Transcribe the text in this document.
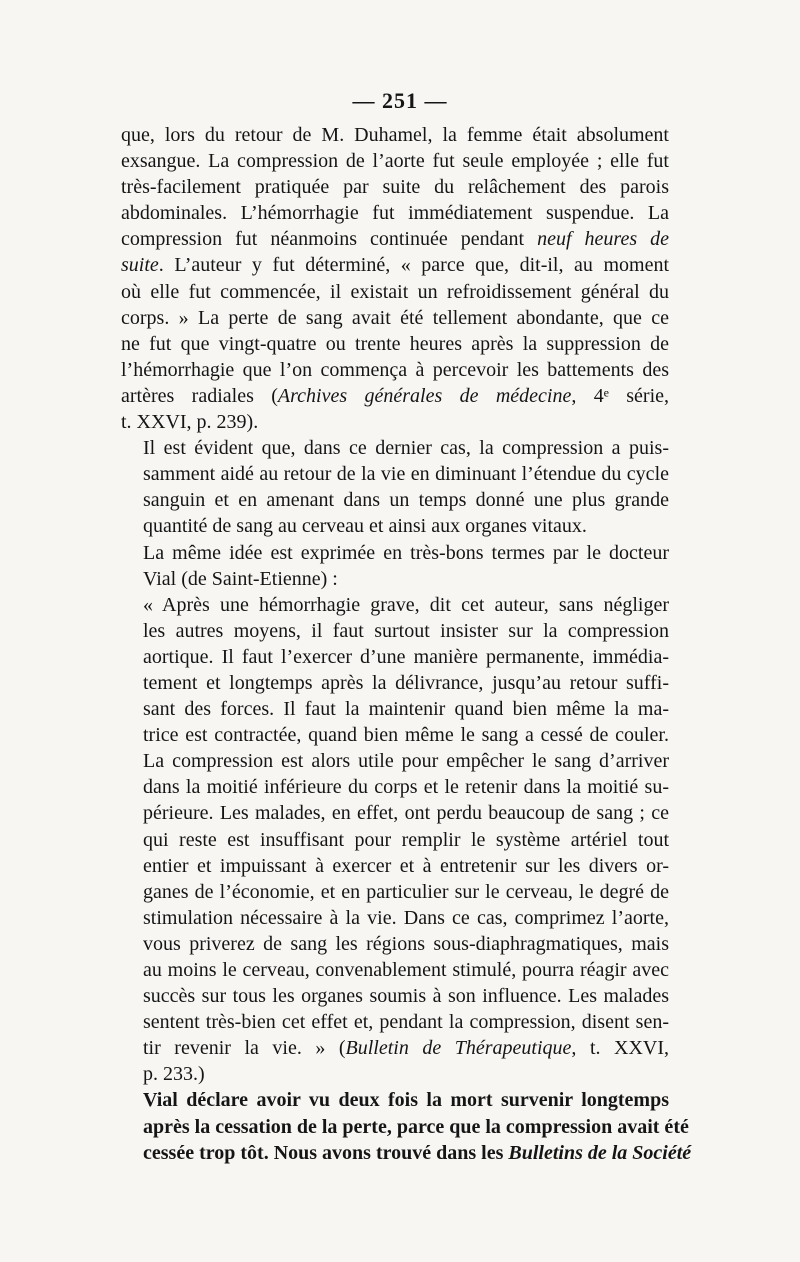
— 251 —

que, lors du retour de M. Duhamel, la femme était absolument
exsangue. La compression de l’aorte fut seule employée ; elle fut
très-facilement pratiquée par suite du relâchement des parois
abdominales. L’hémorrhagie fut immédiatement suspendue. La
compression fut néanmoins continuée pendant neuf heures de
suite. L’auteur y fut déterminé, « parce que, dit-il, au moment
où elle fut commencée, il existait un refroidissement général du
corps. » La perte de sang avait été tellement abondante, que ce
ne fut que vingt-quatre ou trente heures après la suppression de
l’hémorrhagie que l’on commença à percevoir les battements des
artères radiales (Archives générales de médecine, 4ᵉ série,
t. XXVI, p. 239).

Il est évident que, dans ce dernier cas, la compression a puis-
samment aidé au retour de la vie en diminuant l’étendue du cycle
sanguin et en amenant dans un temps donné une plus grande
quantité de sang au cerveau et ainsi aux organes vitaux.

La même idée est exprimée en très-bons termes par le docteur
Vial (de Saint-Etienne) :

« Après une hémorrhagie grave, dit cet auteur, sans négliger
les autres moyens, il faut surtout insister sur la compression
aortique. Il faut l’exercer d’une manière permanente, immédia-
tement et longtemps après la délivrance, jusqu’au retour suffi-
sant des forces. Il faut la maintenir quand bien même la ma-
trice est contractée, quand bien même le sang a cessé de couler.
La compression est alors utile pour empêcher le sang d’arriver
dans la moitié inférieure du corps et le retenir dans la moitié su-
périeure. Les malades, en effet, ont perdu beaucoup de sang ; ce
qui reste est insuffisant pour remplir le système artériel tout
entier et impuissant à exercer et à entretenir sur les divers or-
ganes de l’économie, et en particulier sur le cerveau, le degré de
stimulation nécessaire à la vie. Dans ce cas, comprimez l’aorte,
vous priverez de sang les régions sous-diaphragmatiques, mais
au moins le cerveau, convenablement stimulé, pourra réagir avec
succès sur tous les organes soumis à son influence. Les malades
sentent très-bien cet effet et, pendant la compression, disent sen-
tir revenir la vie. » (Bulletin de Thérapeutique, t. XXVI,
p. 233.)

Vial déclare avoir vu deux fois la mort survenir longtemps
après la cessation de la perte, parce que la compression avait été
cessée trop tôt. Nous avons trouvé dans les Bulletins de la Société
